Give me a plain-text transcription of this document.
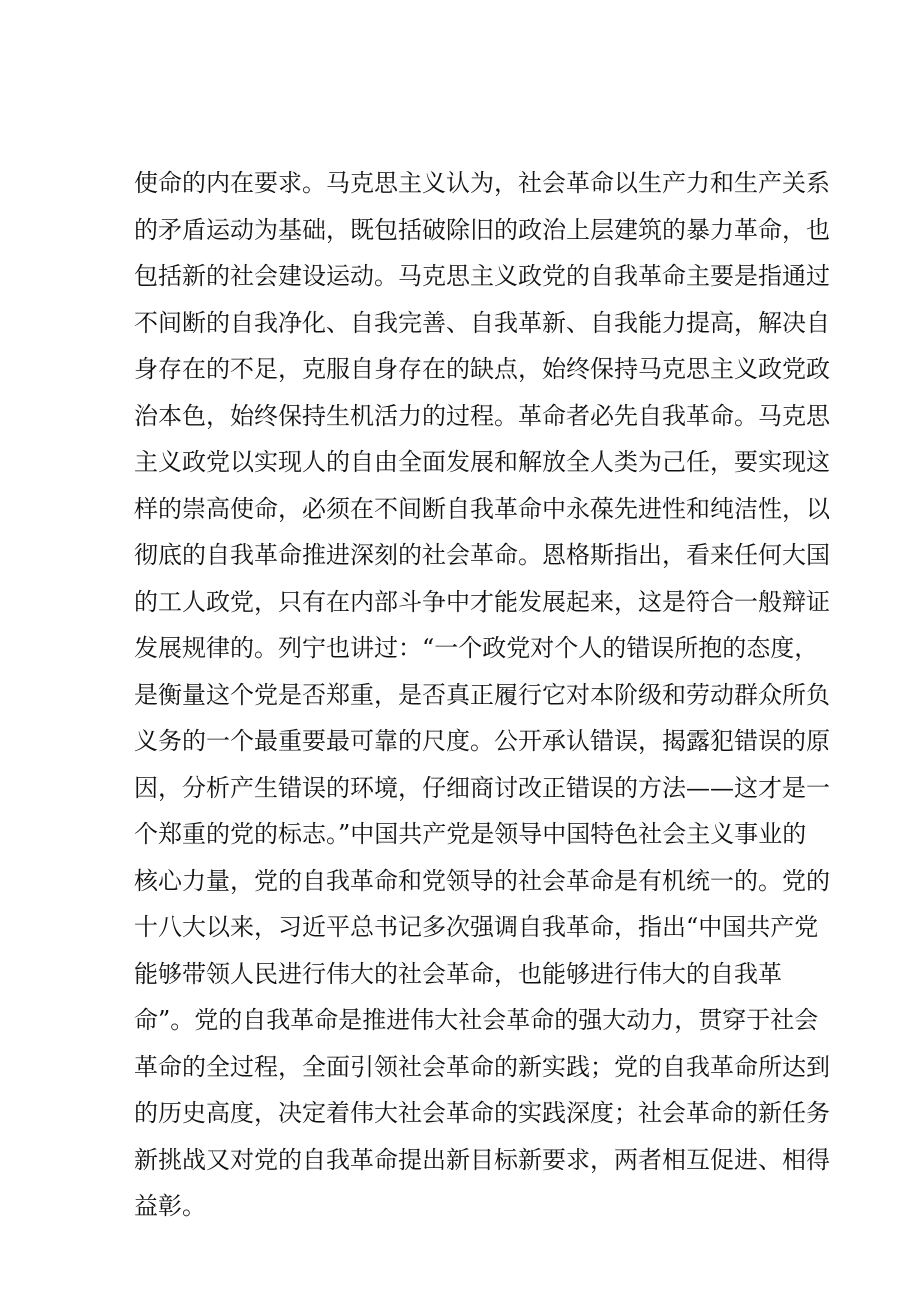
使命的内在要求。马克思主义认为，社会革命以生产力和生产关系
的矛盾运动为基础，既包括破除旧的政治上层建筑的暴力革命，也
包括新的社会建设运动。马克思主义政党的自我革命主要是指通过
不间断的自我净化、自我完善、自我革新、自我能力提高，解决自
身存在的不足，克服自身存在的缺点，始终保持马克思主义政党政
治本色，始终保持生机活力的过程。革命者必先自我革命。马克思
主义政党以实现人的自由全面发展和解放全人类为己任，要实现这
样的崇高使命，必须在不间断自我革命中永葆先进性和纯洁性，以
彻底的自我革命推进深刻的社会革命。恩格斯指出，看来任何大国
的工人政党，只有在内部斗争中才能发展起来，这是符合一般辩证
发展规律的。列宁也讲过：“一个政党对个人的错误所抱的态度，
是衡量这个党是否郑重，是否真正履行它对本阶级和劳动群众所负
义务的一个最重要最可靠的尺度。公开承认错误，揭露犯错误的原
因，分析产生错误的环境，仔细商讨改正错误的方法——这才是一
个郑重的党的标志。”中国共产党是领导中国特色社会主义事业的
核心力量，党的自我革命和党领导的社会革命是有机统一的。党的
十八大以来，习近平总书记多次强调自我革命，指出“中国共产党
能够带领人民进行伟大的社会革命，也能够进行伟大的自我革
命”。党的自我革命是推进伟大社会革命的强大动力，贯穿于社会
革命的全过程，全面引领社会革命的新实践；党的自我革命所达到
的历史高度，决定着伟大社会革命的实践深度；社会革命的新任务
新挑战又对党的自我革命提出新目标新要求，两者相互促进、相得
益彰。
